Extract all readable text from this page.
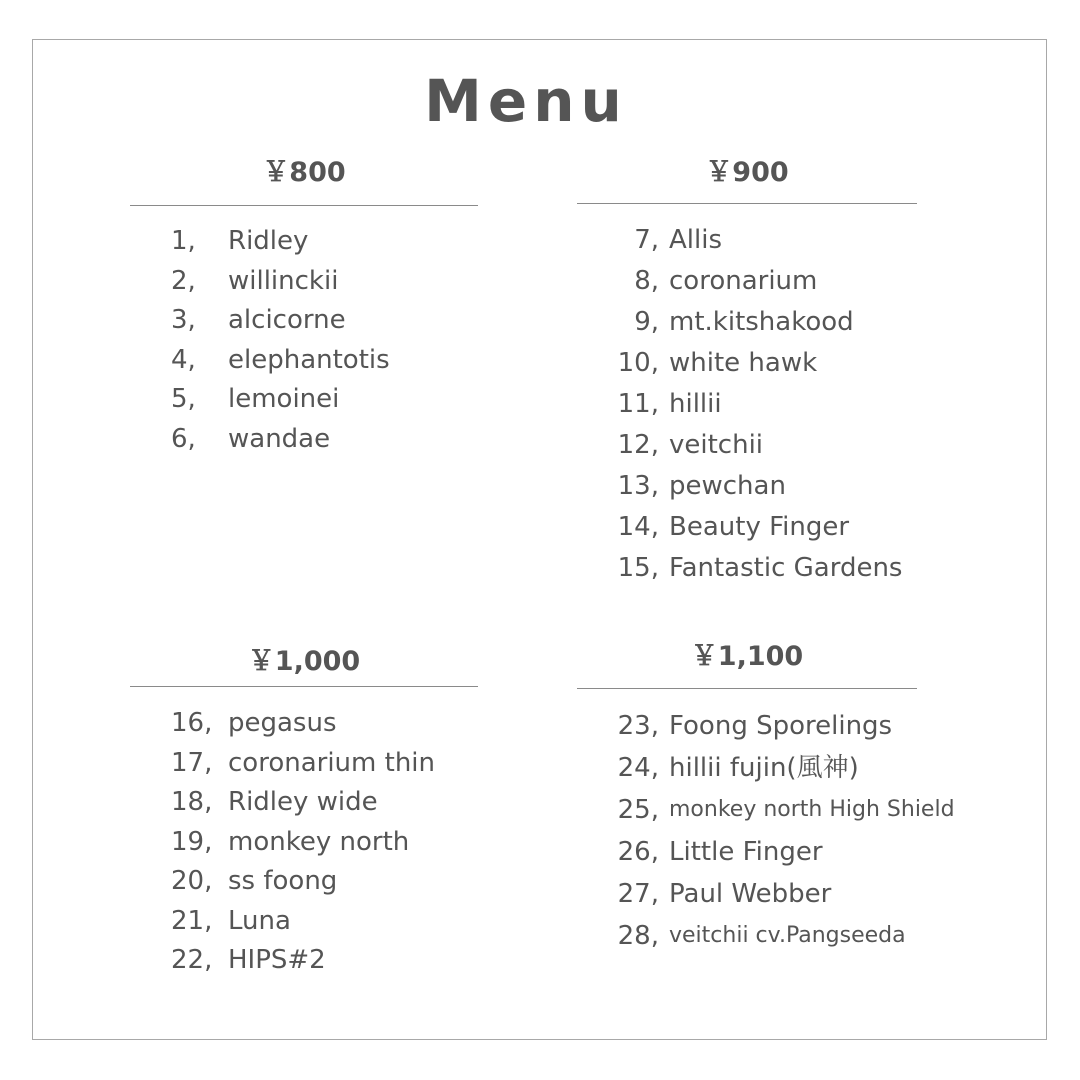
Menu
￥800
1,	Ridley
2,	willinckii
3,	alcicorne
4,	elephantotis
5,	lemoinei
6,	wandae
￥900
7, Allis
8, coronarium
9, mt.kitshakood
10, white hawk
11, hillii
12, veitchii
13, pewchan
14, Beauty Finger
15, Fantastic Gardens
￥1,000
16, pegasus
17, coronarium thin
18, Ridley wide
19, monkey north
20, ss foong
21, Luna
22, HIPS#2
￥1,100
23, Foong Sporelings
24, hillii fujin(風神)
25, monkey north High Shield
26, Little Finger
27, Paul Webber
28, veitchii cv.Pangseeda
